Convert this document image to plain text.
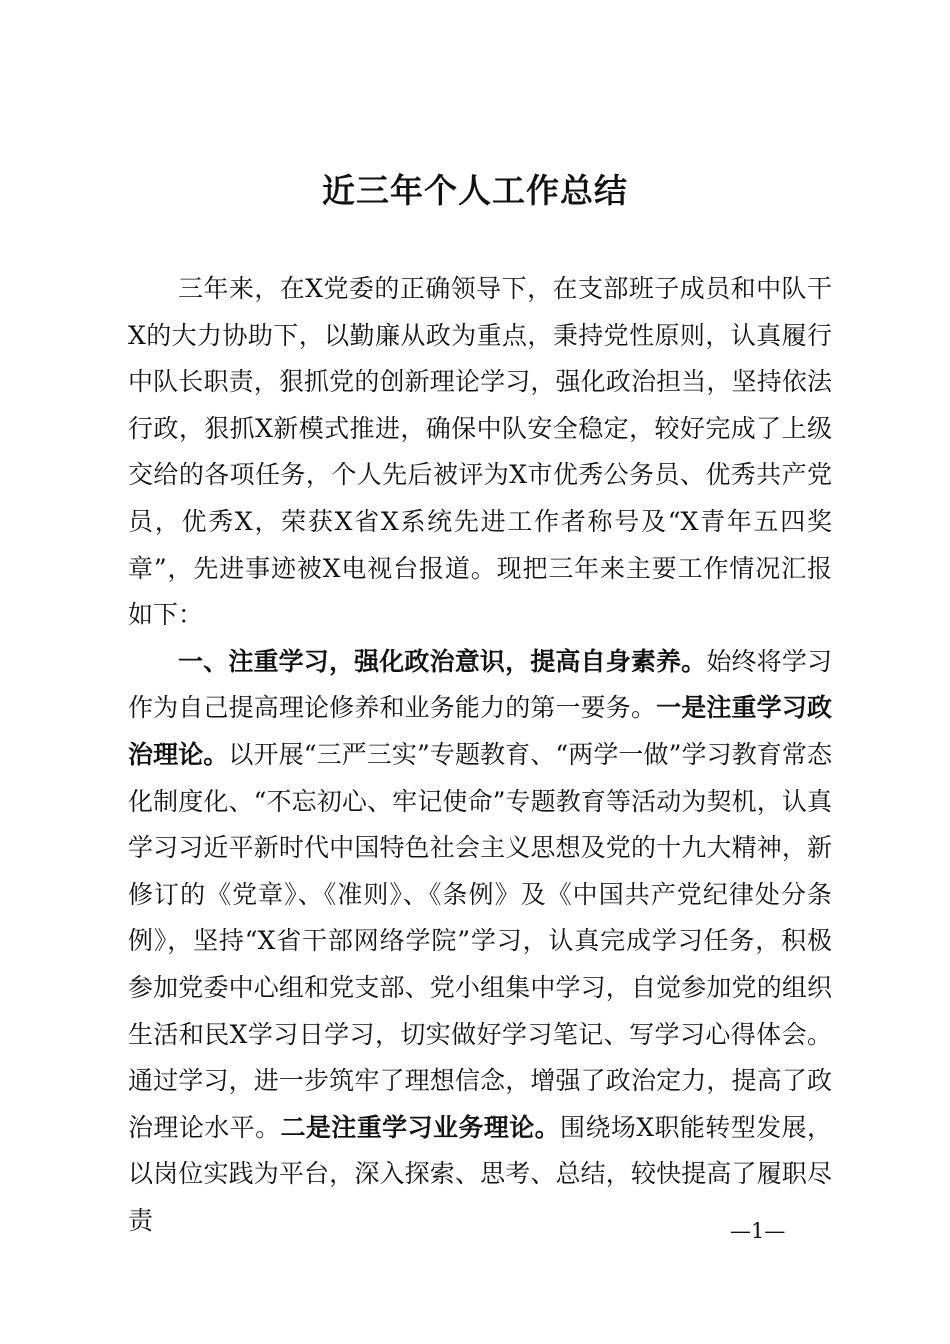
近三年个人工作总结

三年来，在X党委的正确领导下，在支部班子成员和中队干X的大力协助下，以勤廉从政为重点，秉持党性原则，认真履行中队长职责，狠抓党的创新理论学习，强化政治担当，坚持依法行政，狠抓X新模式推进，确保中队安全稳定，较好完成了上级交给的各项任务，个人先后被评为X市优秀公务员、优秀共产党员，优秀X，荣获X省X系统先进工作者称号及“X青年五四奖章”，先进事迹被X电视台报道。现把三年来主要工作情况汇报如下：

一、注重学习，强化政治意识，提高自身素养。始终将学习作为自己提高理论修养和业务能力的第一要务。一是注重学习政治理论。以开展“三严三实”专题教育、“两学一做”学习教育常态化制度化、“不忘初心、牢记使命”专题教育等活动为契机，认真学习习近平新时代中国特色社会主义思想及党的十九大精神，新修订的《党章》、《准则》、《条例》及《中国共产党纪律处分条例》，坚持“X省干部网络学院”学习，认真完成学习任务，积极参加党委中心组和党支部、党小组集中学习，自觉参加党的组织生活和民X学习日学习，切实做好学习笔记、写学习心得体会。通过学习，进一步筑牢了理想信念，增强了政治定力，提高了政治理论水平。二是注重学习业务理论。围绕场X职能转型发展，以岗位实践为平台，深入探索、思考、总结，较快提高了履职尽责	—1—
